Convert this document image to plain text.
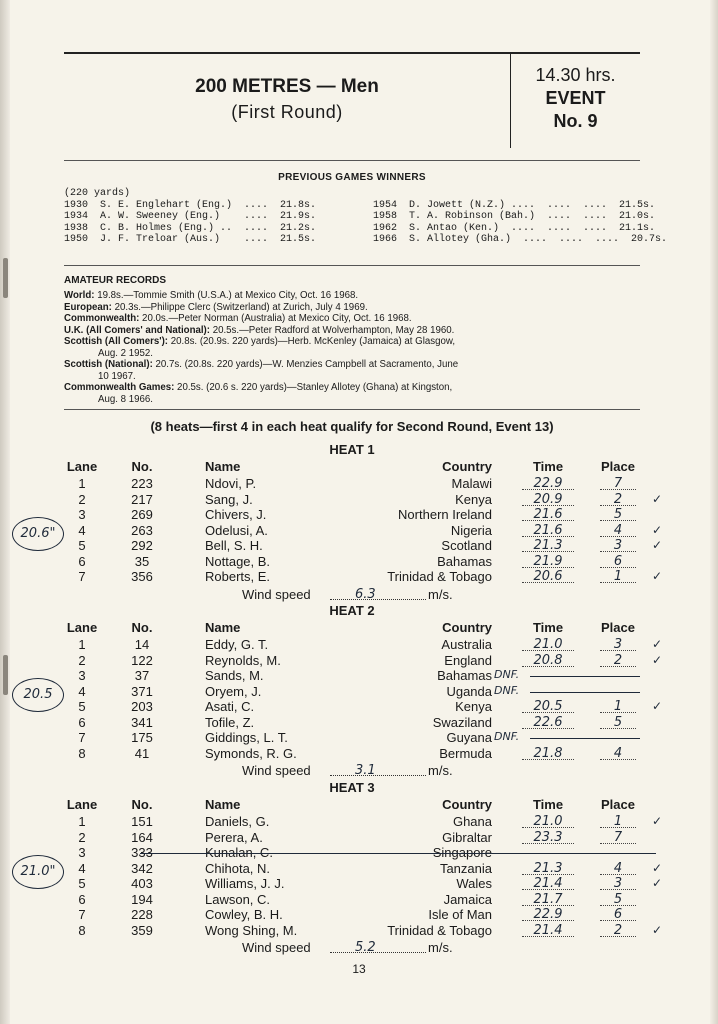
200 METRES — Men
(First Round)
14.30 hrs.
EVENT
No. 9
PREVIOUS GAMES WINNERS
(220 yards)
1930  S. E. Englehart (Eng.)  ....  21.8s.
1934  A. W. Sweeney (Eng.)    ....  21.9s.
1938  C. B. Holmes (Eng.) ..  ....  21.2s.
1950  J. F. Treloar (Aus.)    ....  21.5s.
1954  D. Jowett (N.Z.) ....  ....  ....  21.5s.
1958  T. A. Robinson (Bah.)  ....  ....  21.0s.
1962  S. Antao (Ken.)  ....  ....  ....  21.1s.
1966  S. Allotey (Gha.)  ....  ....  ....  20.7s.
AMATEUR RECORDS

World: 19.8s.—Tommie Smith (U.S.A.) at Mexico City, Oct. 16 1968.

European: 20.3s.—Philippe Clerc (Switzerland) at Zurich, July 4 1969.

Commonwealth: 20.0s.—Peter Norman (Australia) at Mexico City, Oct. 16 1968.

U.K. (All Comers' and National): 20.5s.—Peter Radford at Wolverhampton, May 28 1960.

Scottish (All Comers'): 20.8s. (20.9s. 220 yards)—Herb. McKenley (Jamaica) at Glasgow,

Aug. 2 1952.

Scottish (National): 20.7s. (20.8s. 220 yards)—W. Menzies Campbell at Sacramento, June

10 1967.

Commonwealth Games: 20.5s. (20.6 s. 220 yards)—Stanley Allotey (Ghana) at Kingston,

Aug. 8 1966.

(8 heats—first 4 in each heat qualify for Second Round, Event 13)
HEAT 1
Lane	No.	Name	Country	Time	Place
1	223	Ndovi, P.	Malawi	22.9	7
2	217	Sang, J.	Kenya	20.9	2	✓
3	269	Chivers, J.	Northern Ireland	21.6	5
4	263	Odelusi, A.	Nigeria	21.6	4	✓
5	292	Bell, S. H.	Scotland	21.3	3	✓
6	35	Nottage, B.	Bahamas	21.9	6
7	356	Roberts, E.	Trinidad & Tobago	20.6	1	✓
20.6"
Wind speed	6.3	m/s.
HEAT 2
Lane	No.	Name	Country	Time	Place
1	14	Eddy, G. T.	Australia	21.0	3	✓
2	122	Reynolds, M.	England	20.8	2	✓
3	37	Sands, M.	Bahamas DNF.
4	371	Oryem, J.	Uganda DNF.
5	203	Asati, C.	Kenya	20.5	1	✓
6	341	Tofile, Z.	Swaziland	22.6	5
7	175	Giddings, L. T.	Guyana DNF.
8	41	Symonds, R. G.	Bermuda	21.8	4
20.5
Wind speed	3.1	m/s.
HEAT 3
Lane	No.	Name	Country	Time	Place
1	151	Daniels, G.	Ghana	21.0	1	✓
2	164	Perera, A.	Gibraltar	23.3	7
3	333	Kunalan, C.	Singapore
4	342	Chihota, N.	Tanzania	21.3	4	✓
5	403	Williams, J. J.	Wales	21.4	3	✓
6	194	Lawson, C.	Jamaica	21.7	5
7	228	Cowley, B. H.	Isle of Man	22.9	6
8	359	Wong Shing, M.	Trinidad & Tobago	21.4	2	✓
21.0"
Wind speed	5.2	m/s.
13
